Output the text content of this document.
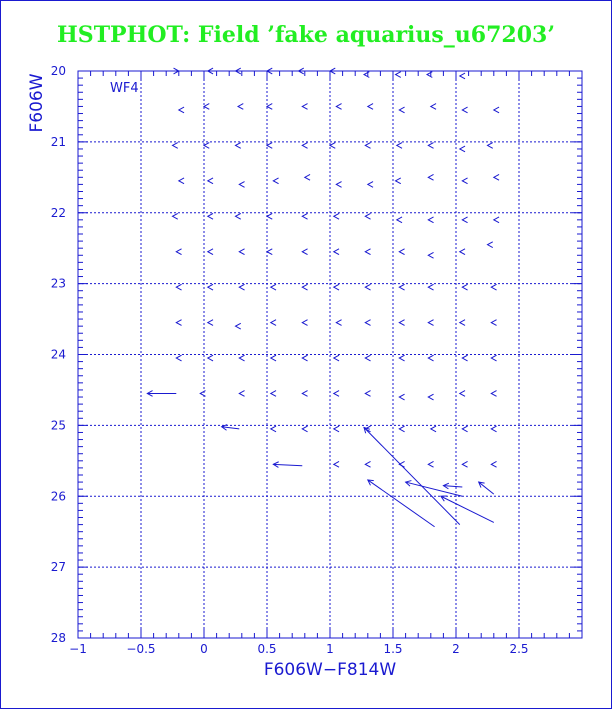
HSTPHOT: Field ’fake aquarius_u67203’
−1	−0.5	0	0.5	1	1.5	2	2.5
20
21
22
23
24
25
26
27
28
WF4
F606W−F814W
F606W
